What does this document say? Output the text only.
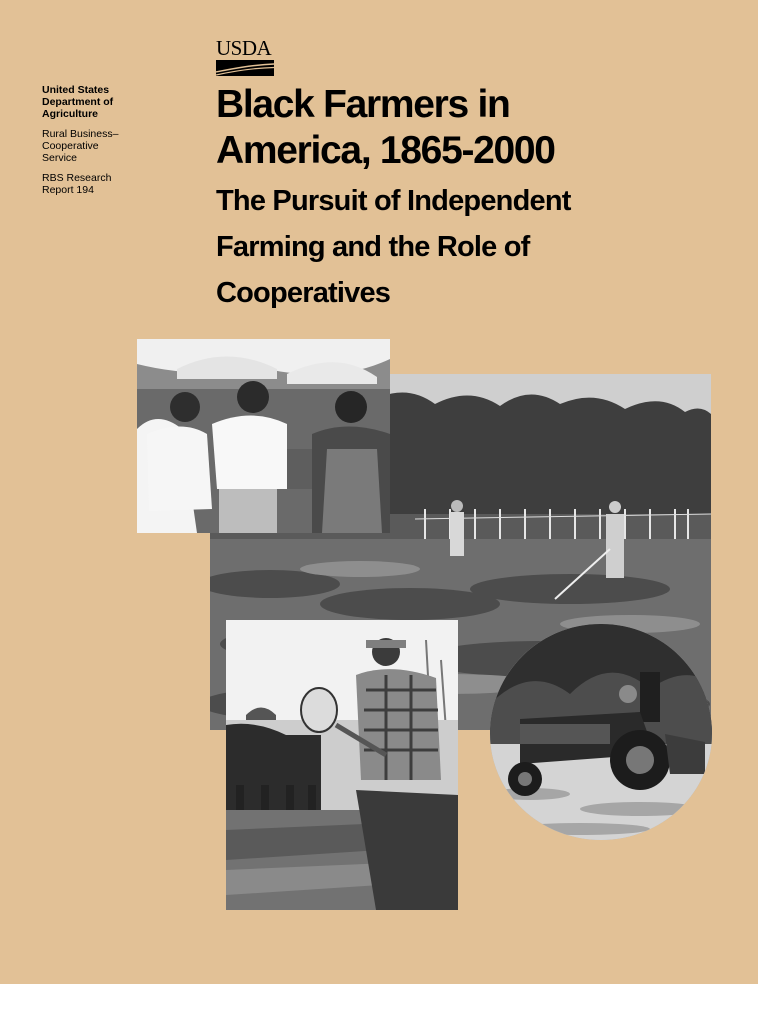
United States
Department of
Agriculture
Rural Business–
Cooperative
Service
RBS Research
Report 194
USDA
Black Farmers in
America, 1865-2000
The Pursuit of Independent
Farming and the Role of
Cooperatives
